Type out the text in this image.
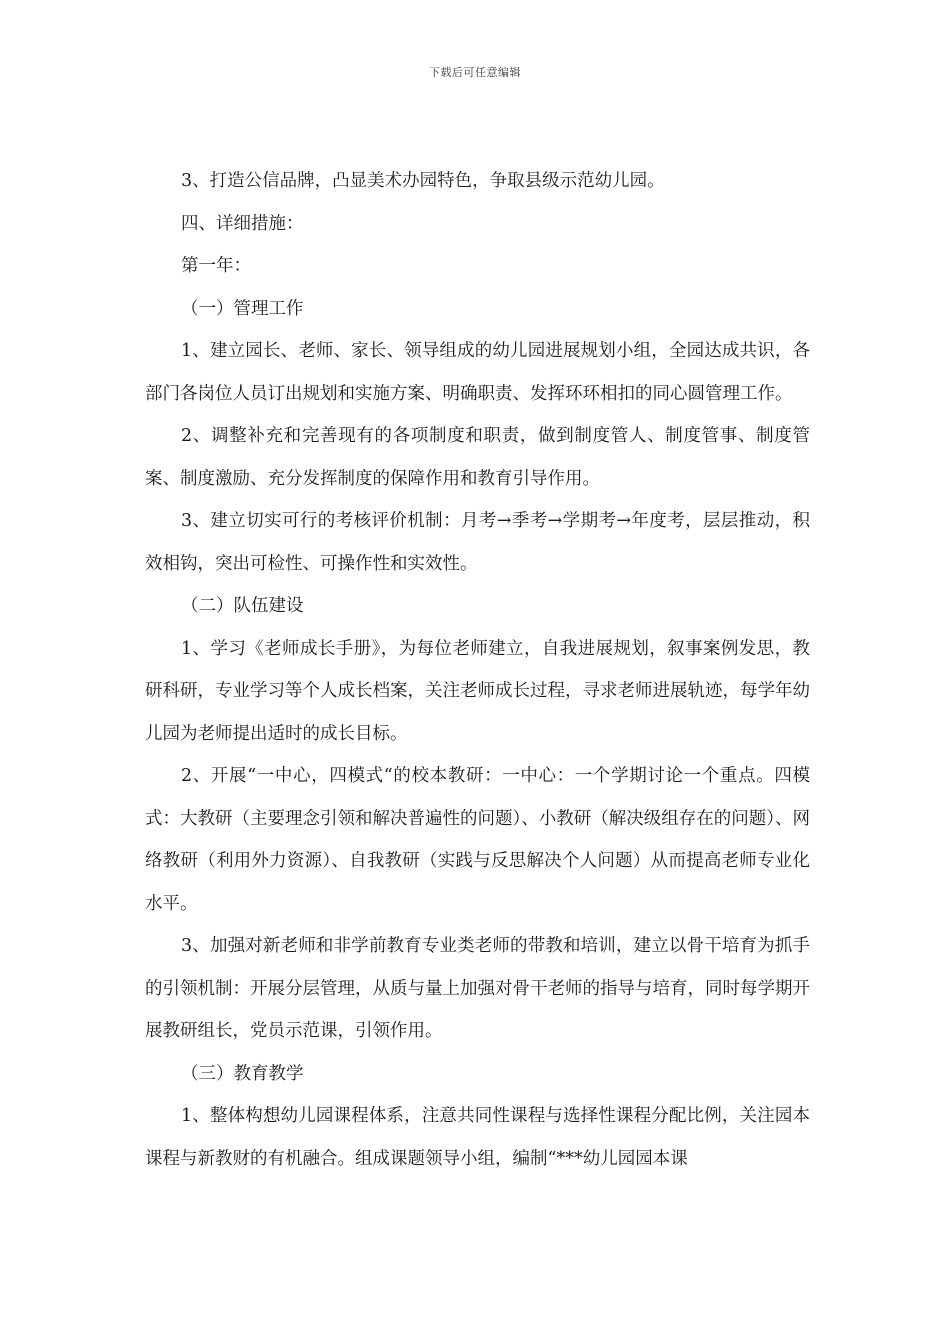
下载后可任意编辑

3、打造公信品牌，凸显美术办园特色，争取县级示范幼儿园。

四、详细措施：

第一年：

（一）管理工作

1、建立园长、老师、家长、领导组成的幼儿园进展规划小组，全园达成共识，各部门各岗位人员订出规划和实施方案、明确职责、发挥环环相扣的同心圆管理工作。

2、调整补充和完善现有的各项制度和职责，做到制度管人、制度管事、制度管案、制度激励、充分发挥制度的保障作用和教育引导作用。

3、建立切实可行的考核评价机制：月考→季考→学期考→年度考，层层推动，积效相钩，突出可检性、可操作性和实效性。

（二）队伍建设

1、学习《老师成长手册》，为每位老师建立，自我进展规划，叙事案例发思，教研科研，专业学习等个人成长档案，关注老师成长过程，寻求老师进展轨迹，每学年幼儿园为老师提出适时的成长目标。

2、开展“一中心，四模式“的校本教研：一中心：一个学期讨论一个重点。四模式：大教研（主要理念引领和解决普遍性的问题）、小教研（解决级组存在的问题）、网络教研（利用外力资源）、自我教研（实践与反思解决个人问题）从而提高老师专业化水平。

3、加强对新老师和非学前教育专业类老师的带教和培训，建立以骨干培育为抓手的引领机制：开展分层管理，从质与量上加强对骨干老师的指导与培育，同时每学期开展教研组长，党员示范课，引领作用。

（三）教育教学

1、整体构想幼儿园课程体系，注意共同性课程与选择性课程分配比例，关注园本课程与新教财的有机融合。组成课题领导小组，编制“***幼儿园园本课
